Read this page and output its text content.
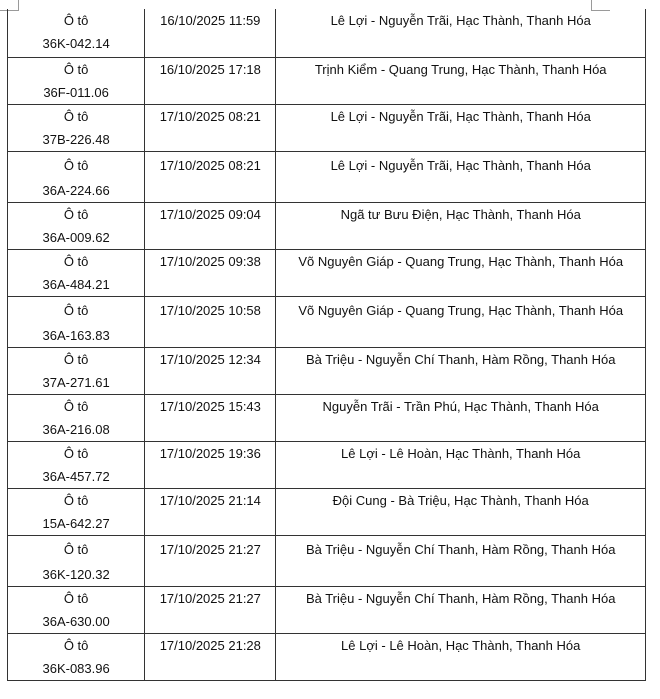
Ô tô
36K-042.14	16/10/2025 11:59	Lê Lợi - Nguyễn Trãi, Hạc Thành, Thanh Hóa

Ô tô
36F-011.06	16/10/2025 17:18	Trịnh Kiểm - Quang Trung, Hạc Thành, Thanh Hóa

Ô tô
37B-226.48	17/10/2025 08:21	Lê Lợi - Nguyễn Trãi, Hạc Thành, Thanh Hóa

Ô tô
36A-224.66	17/10/2025 08:21	Lê Lợi - Nguyễn Trãi, Hạc Thành, Thanh Hóa

Ô tô
36A-009.62	17/10/2025 09:04	Ngã tư Bưu Điện, Hạc Thành, Thanh Hóa

Ô tô
36A-484.21	17/10/2025 09:38	Võ Nguyên Giáp - Quang Trung, Hạc Thành, Thanh Hóa

Ô tô
36A-163.83	17/10/2025 10:58	Võ Nguyên Giáp - Quang Trung, Hạc Thành, Thanh Hóa

Ô tô
37A-271.61	17/10/2025 12:34	Bà Triệu - Nguyễn Chí Thanh, Hàm Rồng, Thanh Hóa

Ô tô
36A-216.08	17/10/2025 15:43	Nguyễn Trãi - Trần Phú, Hạc Thành, Thanh Hóa

Ô tô
36A-457.72	17/10/2025 19:36	Lê Lợi - Lê Hoàn, Hạc Thành, Thanh Hóa

Ô tô
15A-642.27	17/10/2025 21:14	Đội Cung - Bà Triệu, Hạc Thành, Thanh Hóa

Ô tô
36K-120.32	17/10/2025 21:27	Bà Triệu - Nguyễn Chí Thanh, Hàm Rồng, Thanh Hóa

Ô tô
36A-630.00	17/10/2025 21:27	Bà Triệu - Nguyễn Chí Thanh, Hàm Rồng, Thanh Hóa

Ô tô
36K-083.96	17/10/2025 21:28	Lê Lợi - Lê Hoàn, Hạc Thành, Thanh Hóa
